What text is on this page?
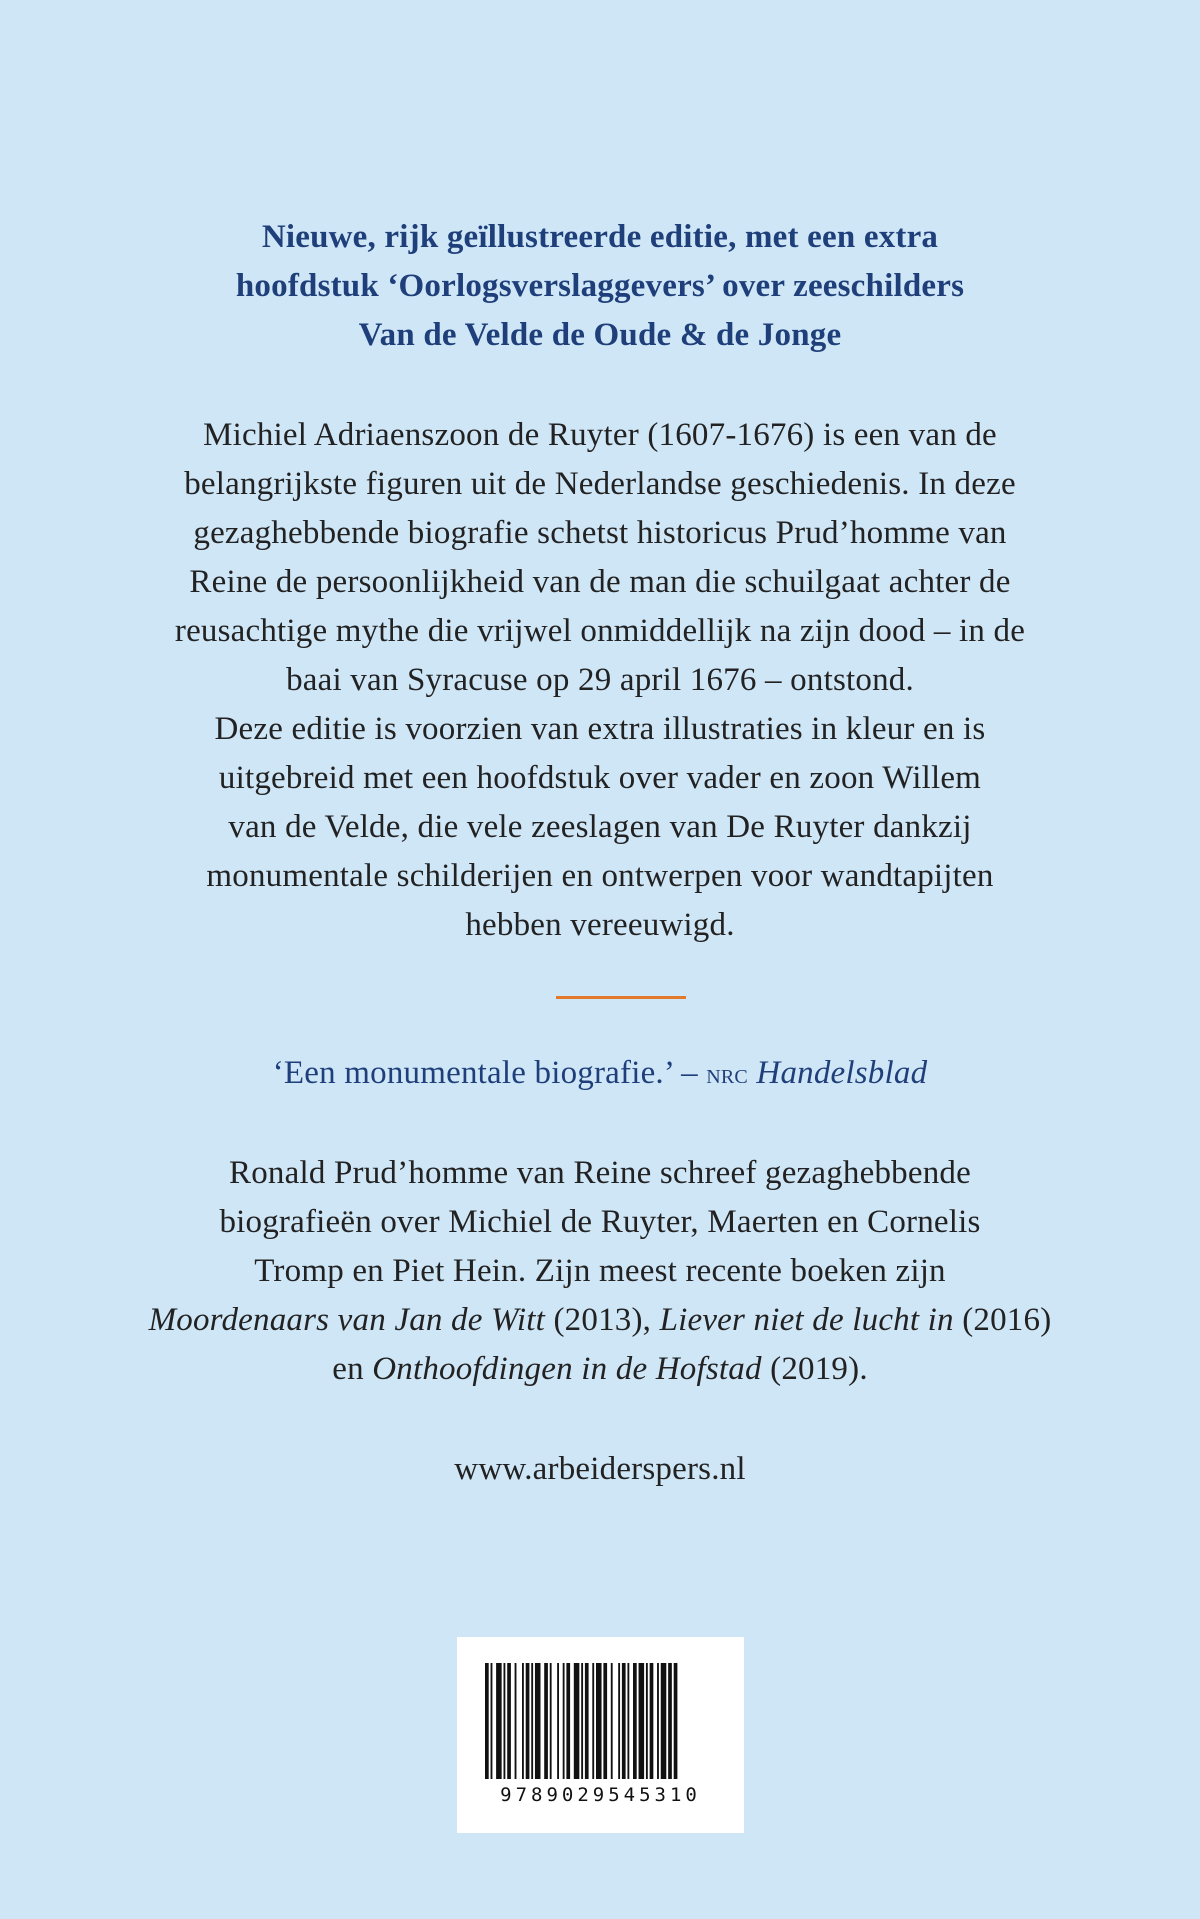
Nieuwe, rijk geïllustreerde editie, met een extra
hoofdstuk ‘Oorlogsverslaggevers’ over zeeschilders
Van de Velde de Oude & de Jonge
Michiel Adriaenszoon de Ruyter (1607-1676) is een van de
belangrijkste figuren uit de Nederlandse geschiedenis. In deze
gezaghebbende biografie schetst historicus Prud’homme van
Reine de persoonlijkheid van de man die schuilgaat achter de
reusachtige mythe die vrijwel onmiddellijk na zijn dood – in de
baai van Syracuse op 29 april 1676 – ontstond.
Deze editie is voorzien van extra illustraties in kleur en is
uitgebreid met een hoofdstuk over vader en zoon Willem
van de Velde, die vele zeeslagen van De Ruyter dankzij
monumentale schilderijen en ontwerpen voor wandtapijten
hebben vereeuwigd.
‘Een monumentale biografie.’ – nrc Handelsblad
Ronald Prud’homme van Reine schreef gezaghebbende
biografieën over Michiel de Ruyter, Maerten en Cornelis
Tromp en Piet Hein. Zijn meest recente boeken zijn
Moordenaars van Jan de Witt (2013), Liever niet de lucht in (2016)
en Onthoofdingen in de Hofstad (2019).
www.arbeiderspers.nl
9789029545310
